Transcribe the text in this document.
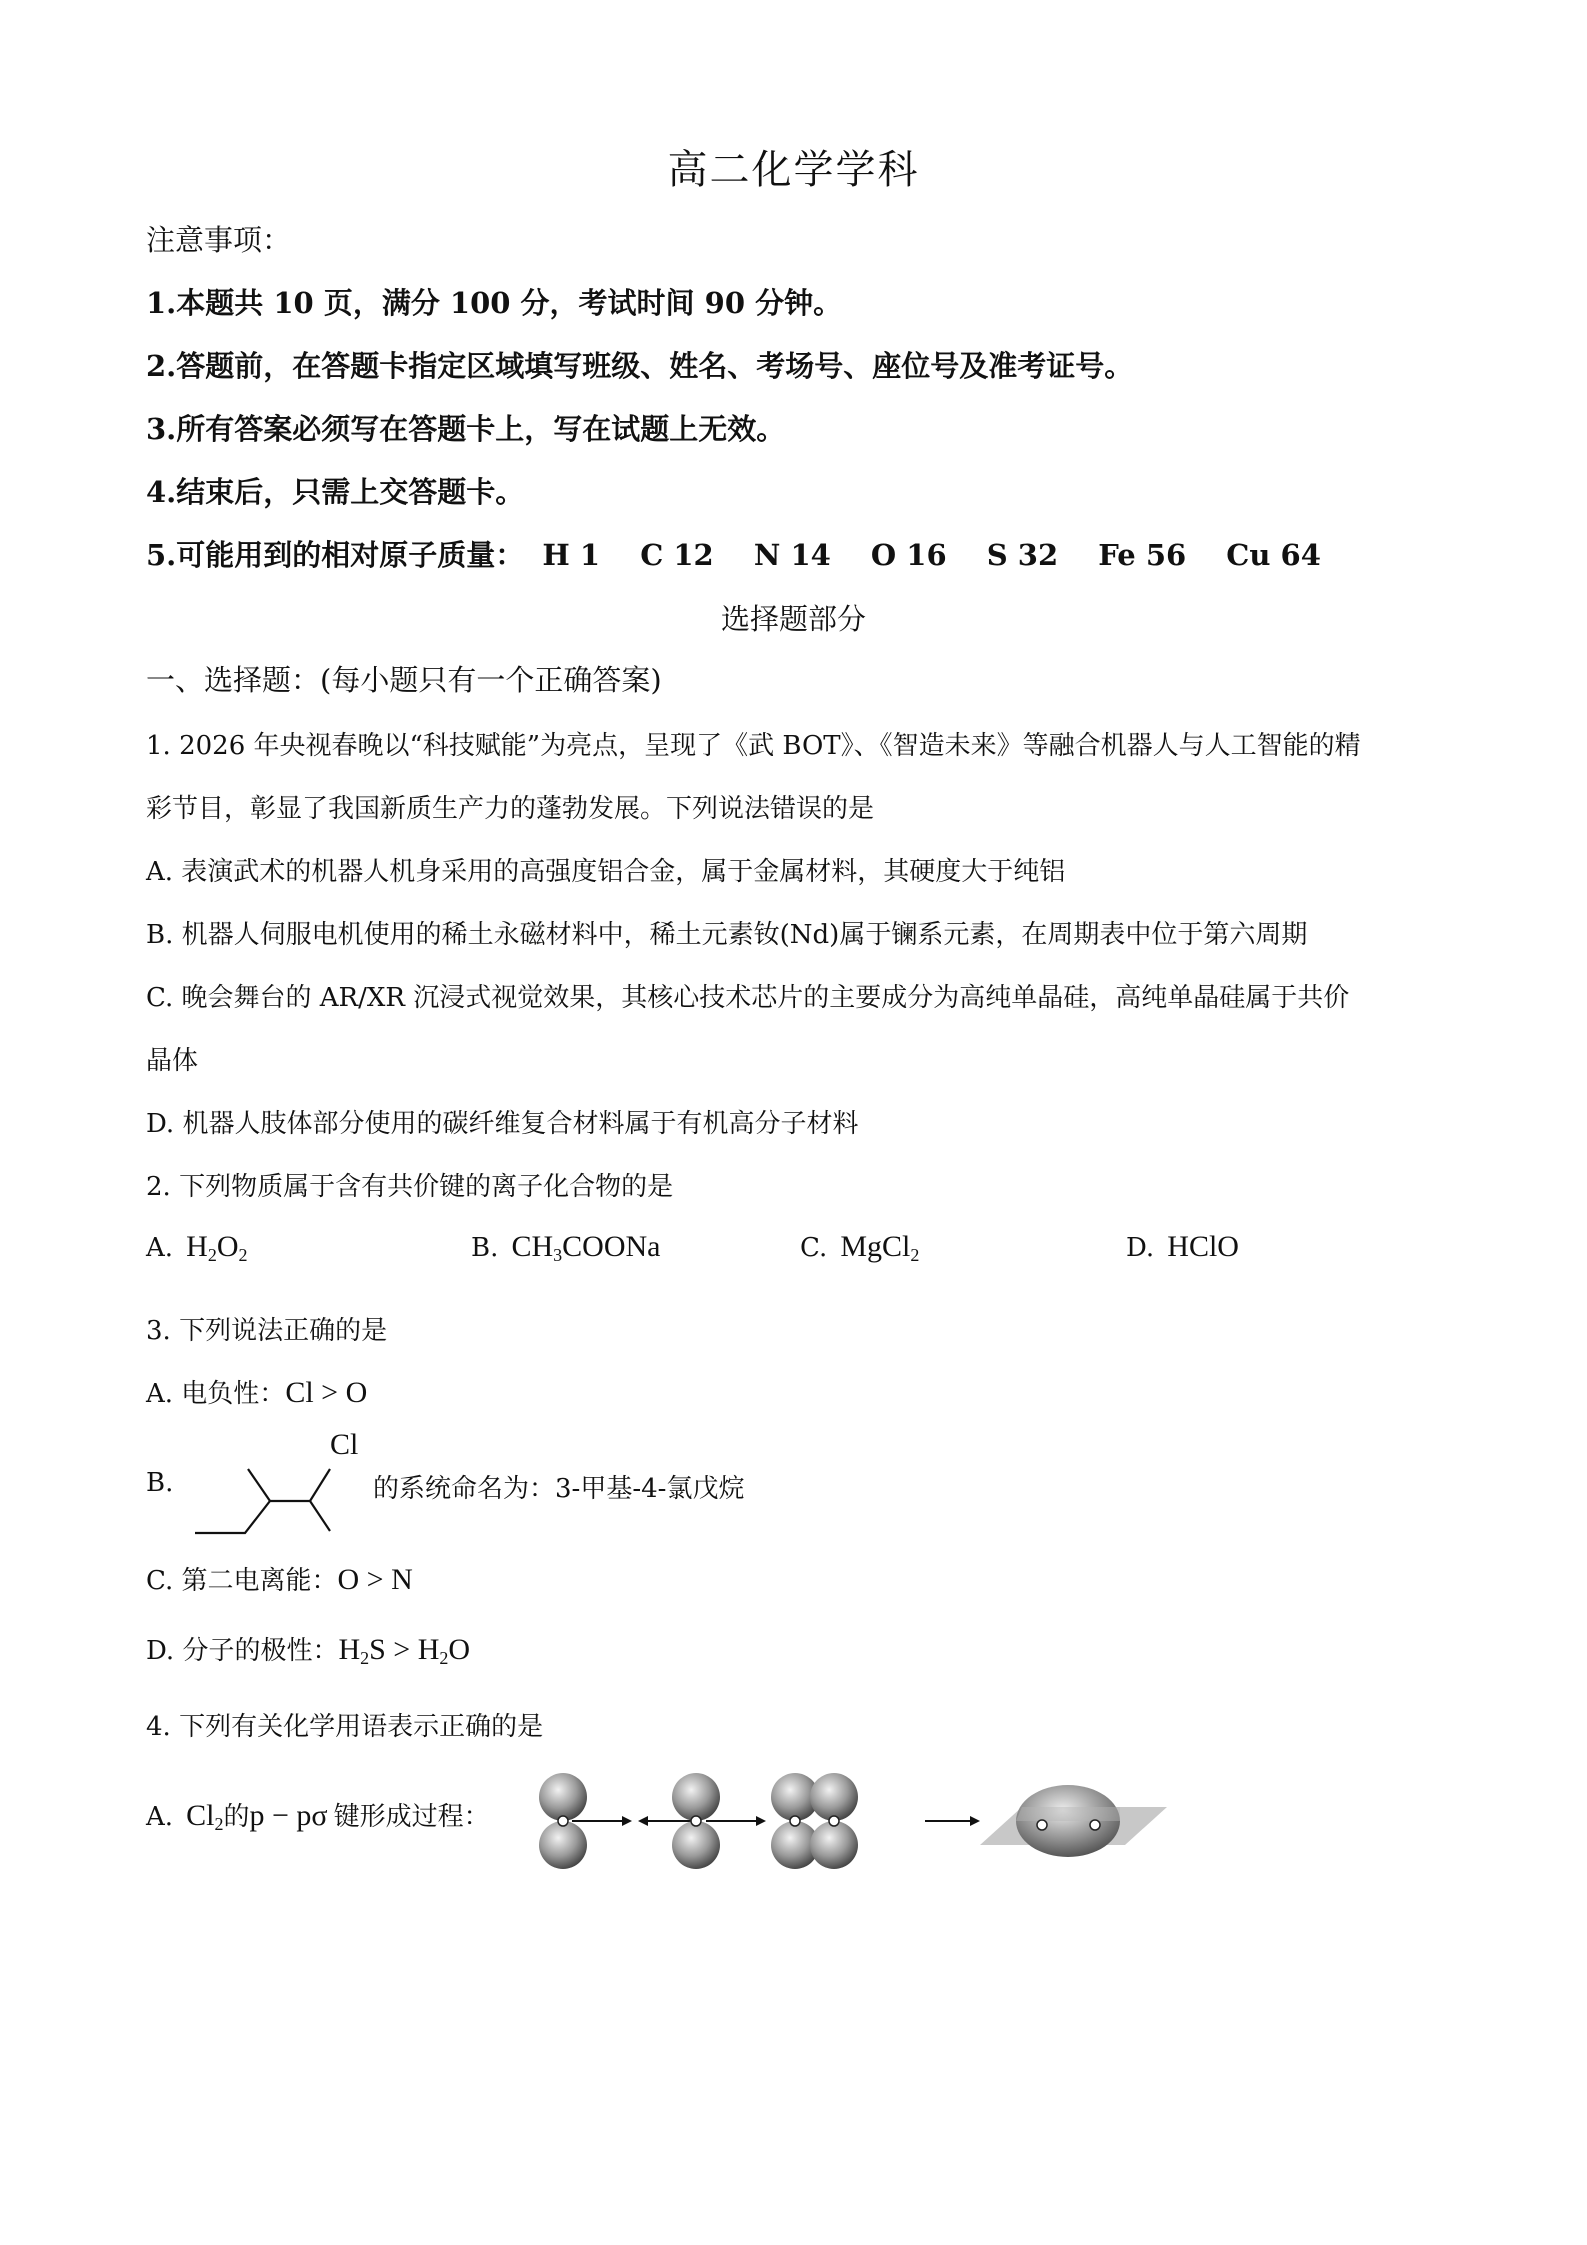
高二化学学科
注意事项：
1.本题共 10 页，满分 100 分，考试时间 90 分钟。
2.答题前，在答题卡指定区域填写班级、姓名、考场号、座位号及准考证号。
3.所有答案必须写在答题卡上，写在试题上无效。
4.结束后，只需上交答题卡。
5.可能用到的相对原子质量： H 1 C 12 N 14 O 16 S 32 Fe 56 Cu 64
选择题部分
一、选择题：(每小题只有一个正确答案)
1. 2026 年央视春晚以“科技赋能”为亮点，呈现了《武 BOT》、《智造未来》等融合机器人与人工智能的精
彩节目，彰显了我国新质生产力的蓬勃发展。下列说法错误的是
A. 表演武术的机器人机身采用的高强度铝合金，属于金属材料，其硬度大于纯铝
B. 机器人伺服电机使用的稀土永磁材料中，稀土元素钕(Nd)属于镧系元素，在周期表中位于第六周期
C. 晚会舞台的 AR/XR 沉浸式视觉效果，其核心技术芯片的主要成分为高纯单晶硅，高纯单晶硅属于共价
晶体
D. 机器人肢体部分使用的碳纤维复合材料属于有机高分子材料
2. 下列物质属于含有共价键的离子化合物的是
A. $H_2O_2$	B. $CH_3COONa$	C. MgCl$_2$	D. HClO
3. 下列说法正确的是
A. 电负性：Cl > O
B.
Cl
的系统命名为：3-甲基-4-氯戊烷
C. 第二电离能：O > N
D. 分子的极性：$H_2S > H_2O$
4. 下列有关化学用语表示正确的是
A. $Cl_2$的p − pσ 键形成过程：
